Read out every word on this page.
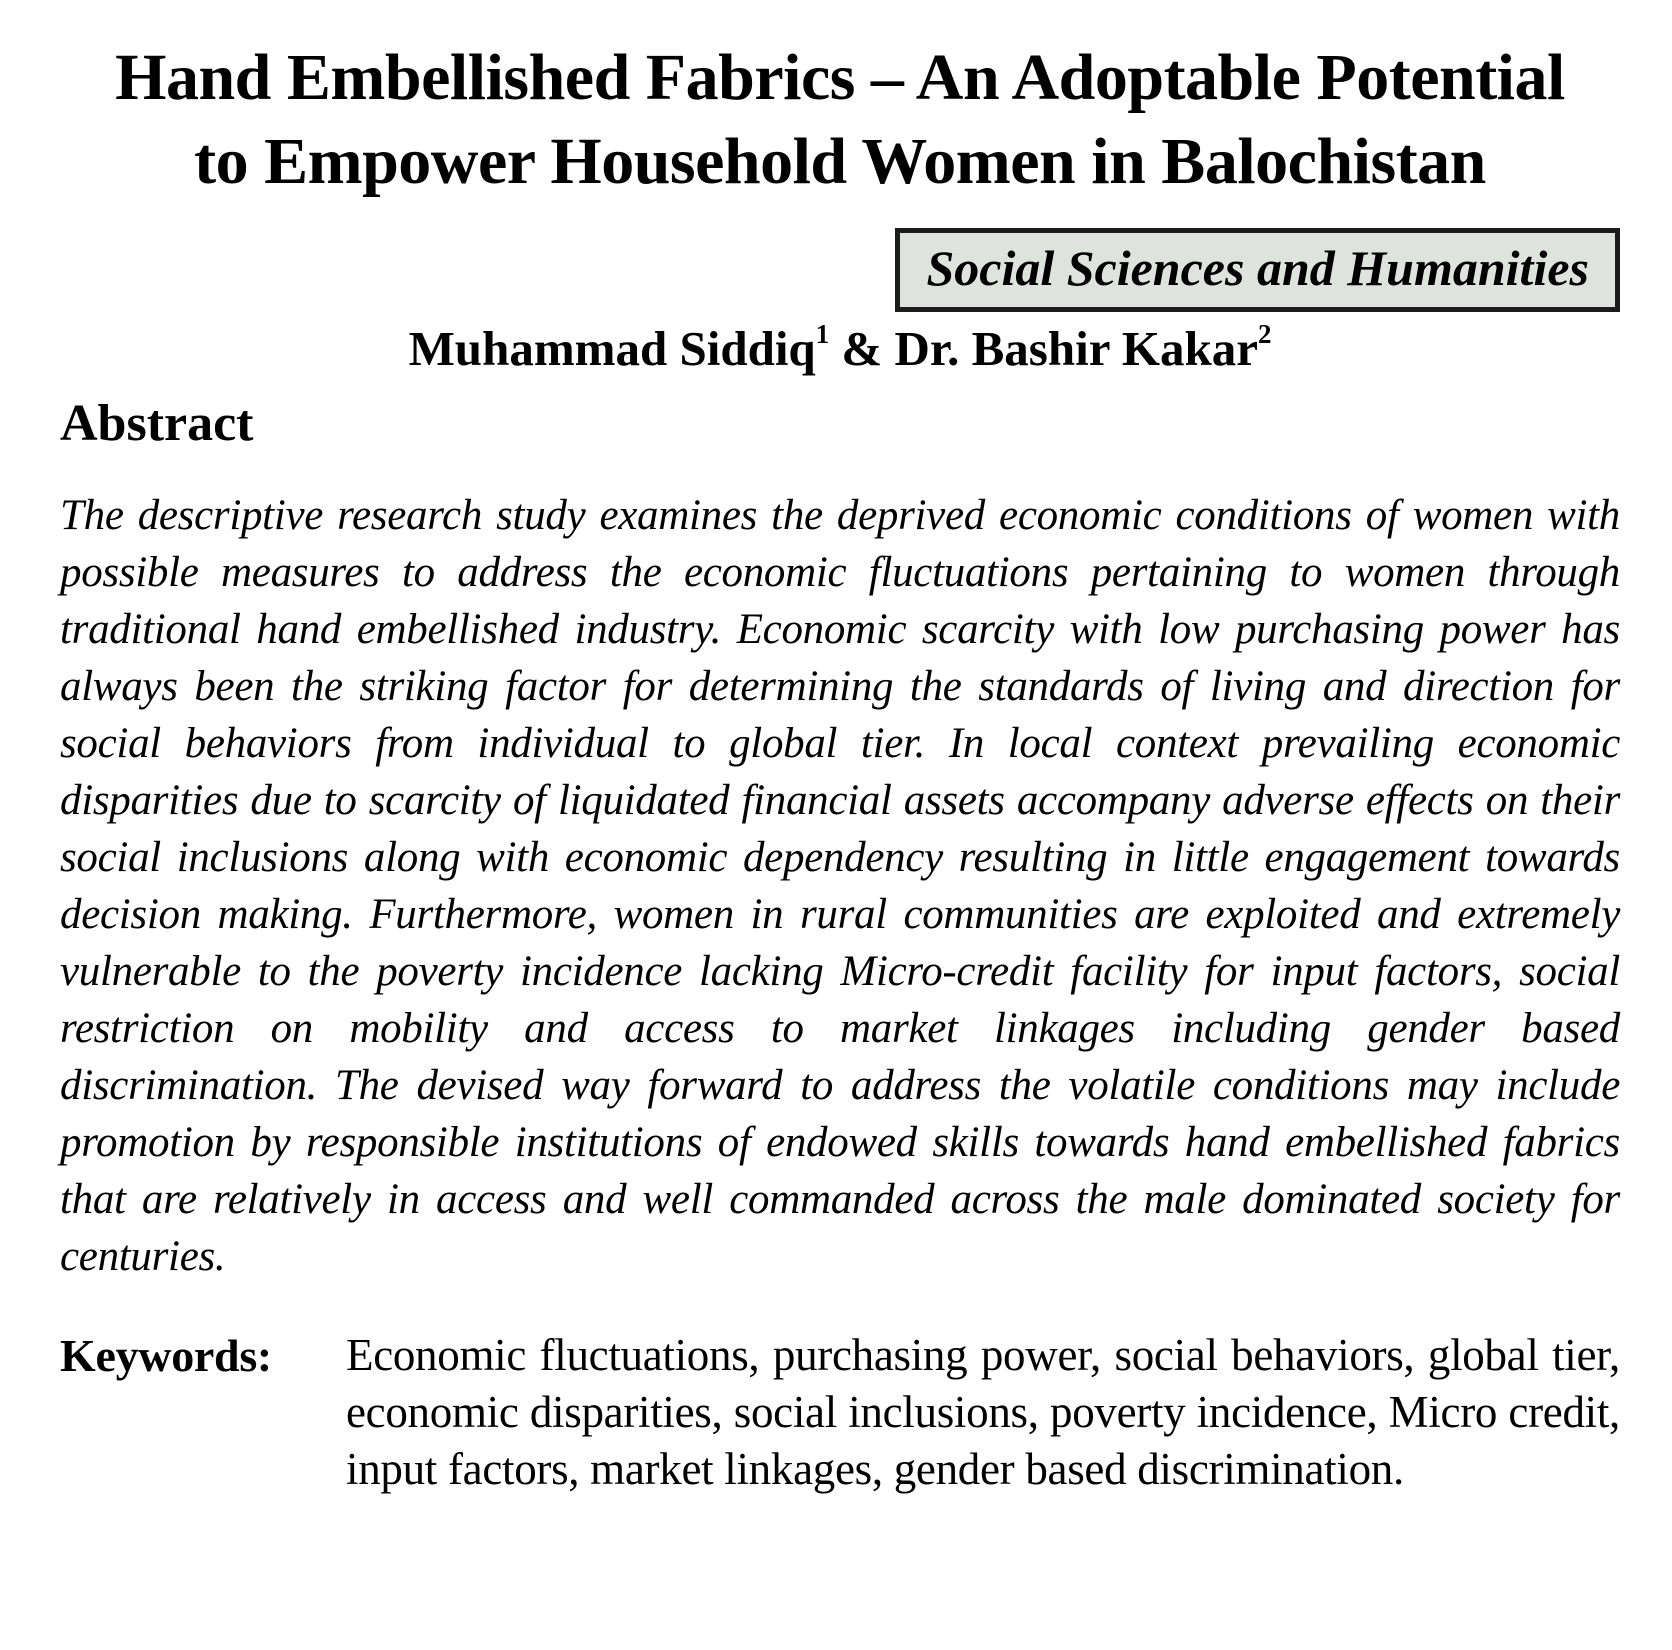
Hand Embellished Fabrics – An Adoptable Potential
to Empower Household Women in Balochistan
Social Sciences and Humanities
Muhammad Siddiq$^1$ & Dr. Bashir Kakar$^2$
Abstract

The descriptive research study examines the deprived economic conditions of women with possible measures to address the economic fluctuations pertaining to women through traditional hand embellished industry. Economic scarcity with low purchasing power has always been the striking factor for determining the standards of living and direction for social behaviors from individual to global tier. In local context prevailing economic disparities due to scarcity of liquidated financial assets accompany adverse effects on their social inclusions along with economic dependency resulting in little engagement towards decision making. Furthermore, women in rural communities are exploited and extremely vulnerable to the poverty incidence lacking Micro-credit facility for input factors, social restriction on mobility and access to market linkages including gender based discrimination. The devised way forward to address the volatile conditions may include promotion by responsible institutions of endowed skills towards hand embellished fabrics that are relatively in access and well commanded across the male dominated society for centuries.

Keywords:	Economic fluctuations, purchasing power, social behaviors, global tier, economic disparities, social inclusions, poverty incidence, Micro credit, input factors, market linkages, gender based discrimination.
